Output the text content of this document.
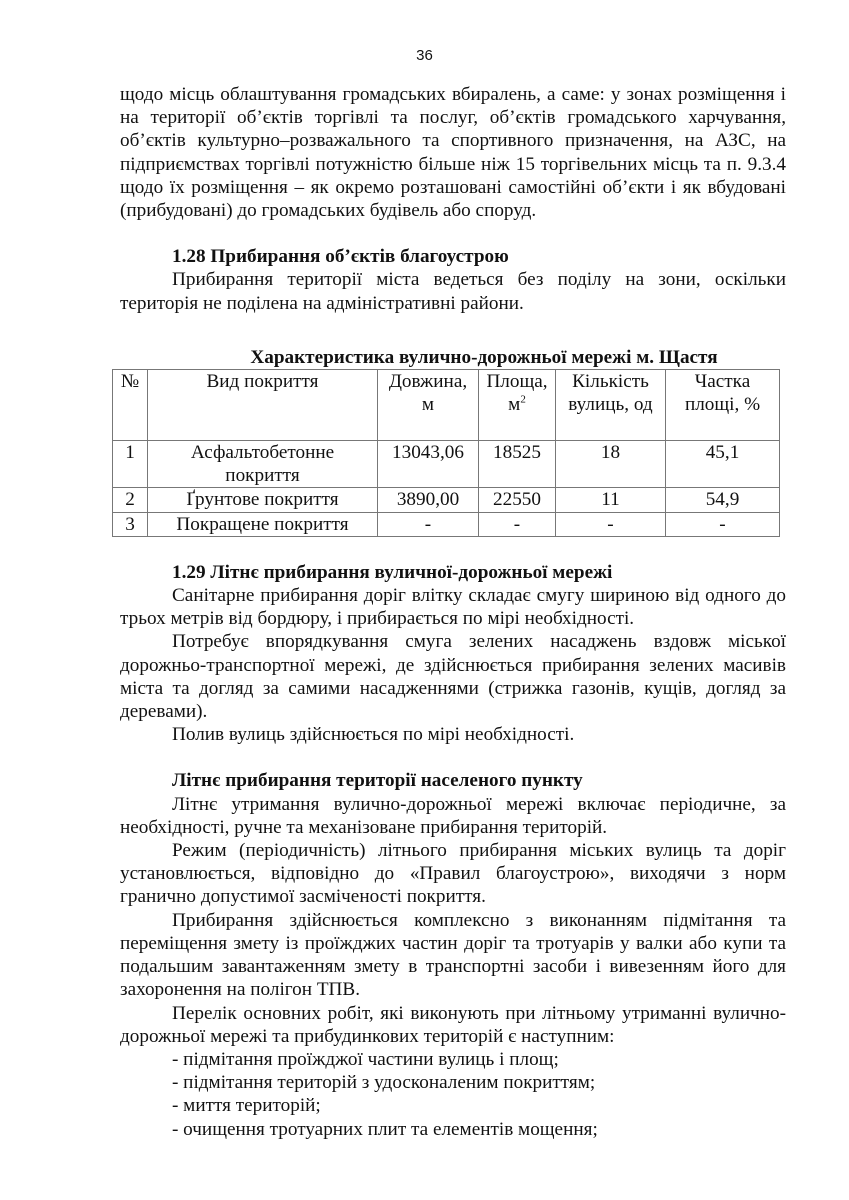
36

щодо місць облаштування громадських вбиралень, а саме: у зонах розміщення і на території об’єктів торгівлі та послуг, об’єктів громадського харчування, об’єктів культурно–розважального та спортивного призначення, на АЗС, на підприємствах торгівлі потужністю більше ніж 15 торгівельних місць та п. 9.3.4 щодо їх розміщення – як окремо розташовані самостійні об’єкти і як вбудовані (прибудовані) до громадських будівель або споруд.

1.28 Прибирання об’єктів благоустрою

Прибирання території міста ведеться без поділу на зони, оскільки територія не поділена на адміністративні райони.

Характеристика вулично-дорожньої мережі м. Щастя

№	Вид покриття	Довжина, м	Площа, $м^2$	Кількість вулиць, од	Частка площі, %
1	Асфальтобетонне покриття	13043,06	18525	18	45,1
2	Ґрунтове покриття	3890,00	22550	11	54,9
3	Покращене покриття	-	-	-	-

1.29 Літнє прибирання вуличної-дорожньої мережі

Санітарне прибирання доріг влітку складає смугу шириною від одного до трьох метрів від бордюру, і прибирається по мірі необхідності.

Потребує впорядкування смуга зелених насаджень вздовж міської дорожньо-транспортної мережі, де здійснюється прибирання зелених масивів міста та догляд за самими насадженнями (стрижка газонів, кущів, догляд за деревами).

Полив вулиць здійснюється по мірі необхідності.

Літнє прибирання території населеного пункту

Літнє утримання вулично-дорожньої мережі включає періодичне, за необхідності, ручне та механізоване прибирання територій.

Режим (періодичність) літнього прибирання міських вулиць та доріг установлюється, відповідно до «Правил благоустрою», виходячи з норм гранично допустимої засміченості покриття.

Прибирання здійснюється комплексно з виконанням підмітання та переміщення змету із проїжджих частин доріг та тротуарів у валки або купи та подальшим завантаженням змету в транспортні засоби і вивезенням його для захоронення на полігон ТПВ.

Перелік основних робіт, які виконують при літньому утриманні вулично-дорожньої мережі та прибудинкових територій є наступним:

- підмітання проїжджої частини вулиць і площ;
- підмітання територій з удосконаленим покриттям;
- миття територій;
- очищення тротуарних плит та елементів мощення;
